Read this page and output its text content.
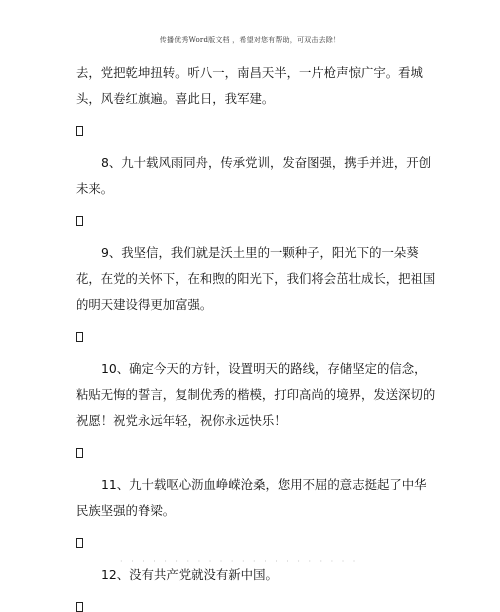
传播优秀Word版文档 ，希望对您有帮助，可双击去除！

去，党把乾坤扭转。听八一，南昌天半，一片枪声惊广宇。看城头，风卷红旗遍。喜此日，我军建。

8、九十载风雨同舟，传承党训，发奋图强，携手并进，开创未来。

9、我坚信，我们就是沃土里的一颗种子，阳光下的一朵葵花，在党的关怀下，在和煦的阳光下，我们将会茁壮成长，把祖国的明天建设得更加富强。

10、确定今天的方针，设置明天的路线，存储坚定的信念，粘贴无悔的誓言，复制优秀的楷模，打印高尚的境界，发送深切的祝愿！祝党永远年轻，祝你永远快乐！

11、九十载呕心沥血峥嵘沧桑，您用不屈的意志挺起了中华民族坚强的脊梁。

12、没有共产党就没有新中国。

· · · · · · · · · · · · · · · · · · · · · ·
